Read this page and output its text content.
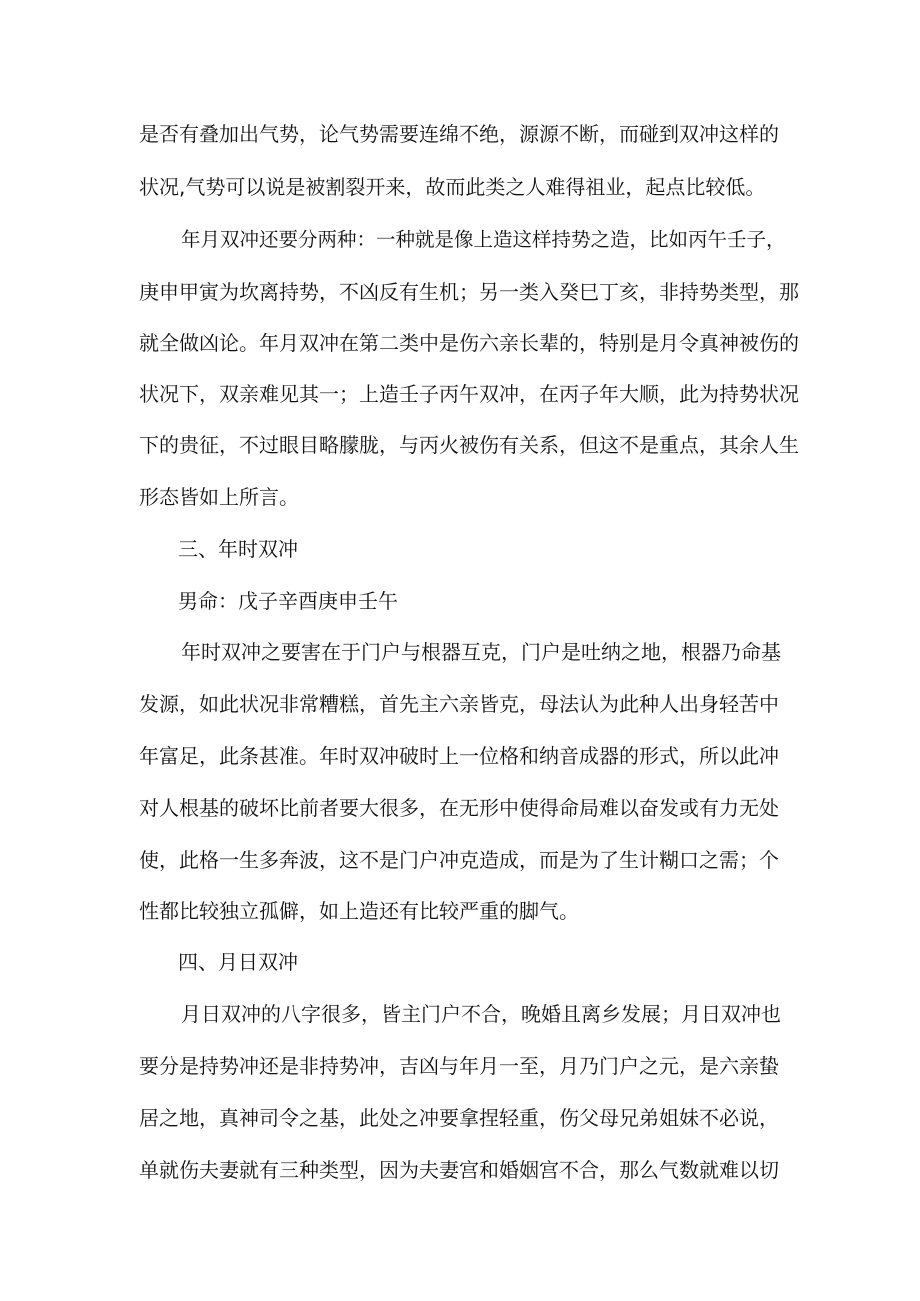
是否有叠加出气势，论气势需要连绵不绝，源源不断，而碰到双冲这样的
状况,气势可以说是被割裂开来，故而此类之人难得祖业，起点比较低。
年月双冲还要分两种：一种就是像上造这样持势之造，比如丙午壬子，
庚申甲寅为坎离持势，不凶反有生机；另一类入癸巳丁亥，非持势类型，那
就全做凶论。年月双冲在第二类中是伤六亲长辈的，特别是月令真神被伤的
状况下，双亲难见其一；上造壬子丙午双冲，在丙子年大顺，此为持势状况
下的贵征，不过眼目略朦胧，与丙火被伤有关系，但这不是重点，其余人生
形态皆如上所言。
三、年时双冲
男命：戊子辛酉庚申壬午
年时双冲之要害在于门户与根器互克，门户是吐纳之地，根器乃命基
发源，如此状况非常糟糕，首先主六亲皆克，母法认为此种人出身轻苦中
年富足，此条甚准。年时双冲破时上一位格和纳音成器的形式，所以此冲
对人根基的破坏比前者要大很多，在无形中使得命局难以奋发或有力无处
使，此格一生多奔波，这不是门户冲克造成，而是为了生计糊口之需；个
性都比较独立孤僻，如上造还有比较严重的脚气。
四、月日双冲
月日双冲的八字很多，皆主门户不合，晚婚且离乡发展；月日双冲也
要分是持势冲还是非持势冲，吉凶与年月一至，月乃门户之元，是六亲蛰
居之地，真神司令之基，此处之冲要拿捏轻重，伤父母兄弟姐妹不必说，
单就伤夫妻就有三种类型，因为夫妻宫和婚姻宫不合，那么气数就难以切
